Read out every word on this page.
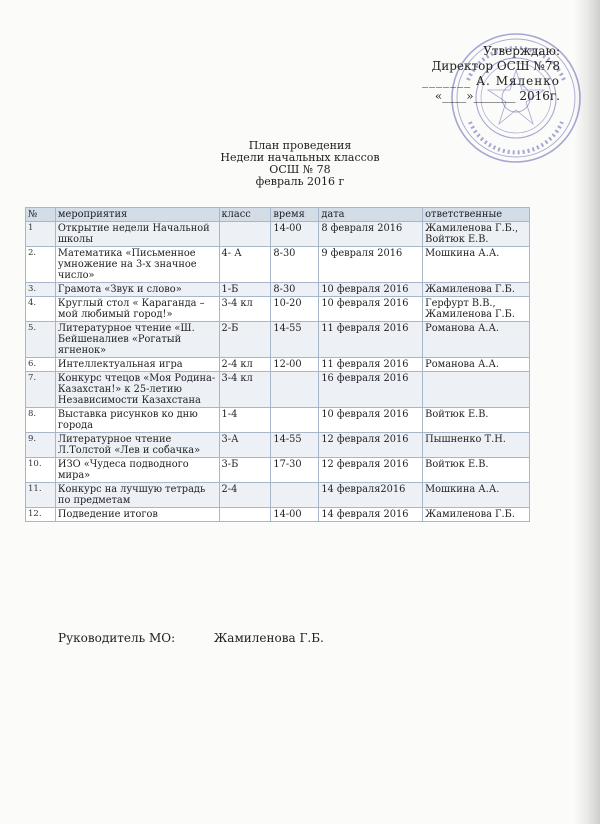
Утверждаю:
Директор ОСШ №78
_______ А. Мяленко
«____»_______ 2016г.
План проведения
Недели начальных классов
ОСШ № 78
февраль 2016 г
№	мероприятия	класс	время	дата	ответственные
1	Открытие недели Начальной школы		14-00	8 февраля 2016	Жамиленова Г.Б., Войтюк Е.В.
2.	Математика «Письменное умножение на 3-х значное число»	4- А	8-30	9 февраля 2016	Мошкина А.А.
3.	Грамота «Звук и слово»	1-Б	8-30	10 февраля 2016	Жамиленова Г.Б.
4.	Круглый стол « Караганда – мой любимый город!»	3-4 кл	10-20	10 февраля 2016	Герфурт В.В., Жамиленова Г.Б.
5.	Литературное чтение «Ш. Бейшеналиев «Рогатый ягненок»	2-Б	14-55	11 февраля 2016	Романова А.А.
6.	Интеллектуальная игра	2-4 кл	12-00	11 февраля 2016	Романова А.А.
7.	Конкурс чтецов «Моя Родина-Казахстан!» к 25-летию Независимости Казахстана	3-4 кл		16 февраля 2016	
8.	Выставка рисунков ко дню города	1-4		10 февраля 2016	Войтюк Е.В.
9.	Литературное чтение Л.Толстой «Лев и собачка»	3-А	14-55	12 февраля 2016	Пышненко Т.Н.
10.	ИЗО «Чудеса подводного мира»	3-Б	17-30	12 февраля 2016	Войтюк Е.В.
11.	Конкурс на лучшую тетрадь по предметам	2-4		14 февраля2016	Мошкина А.А.
12.	Подведение итогов		14-00	14 февраля 2016	Жамиленова Г.Б.
Руководитель МО:	Жамиленова Г.Б.
